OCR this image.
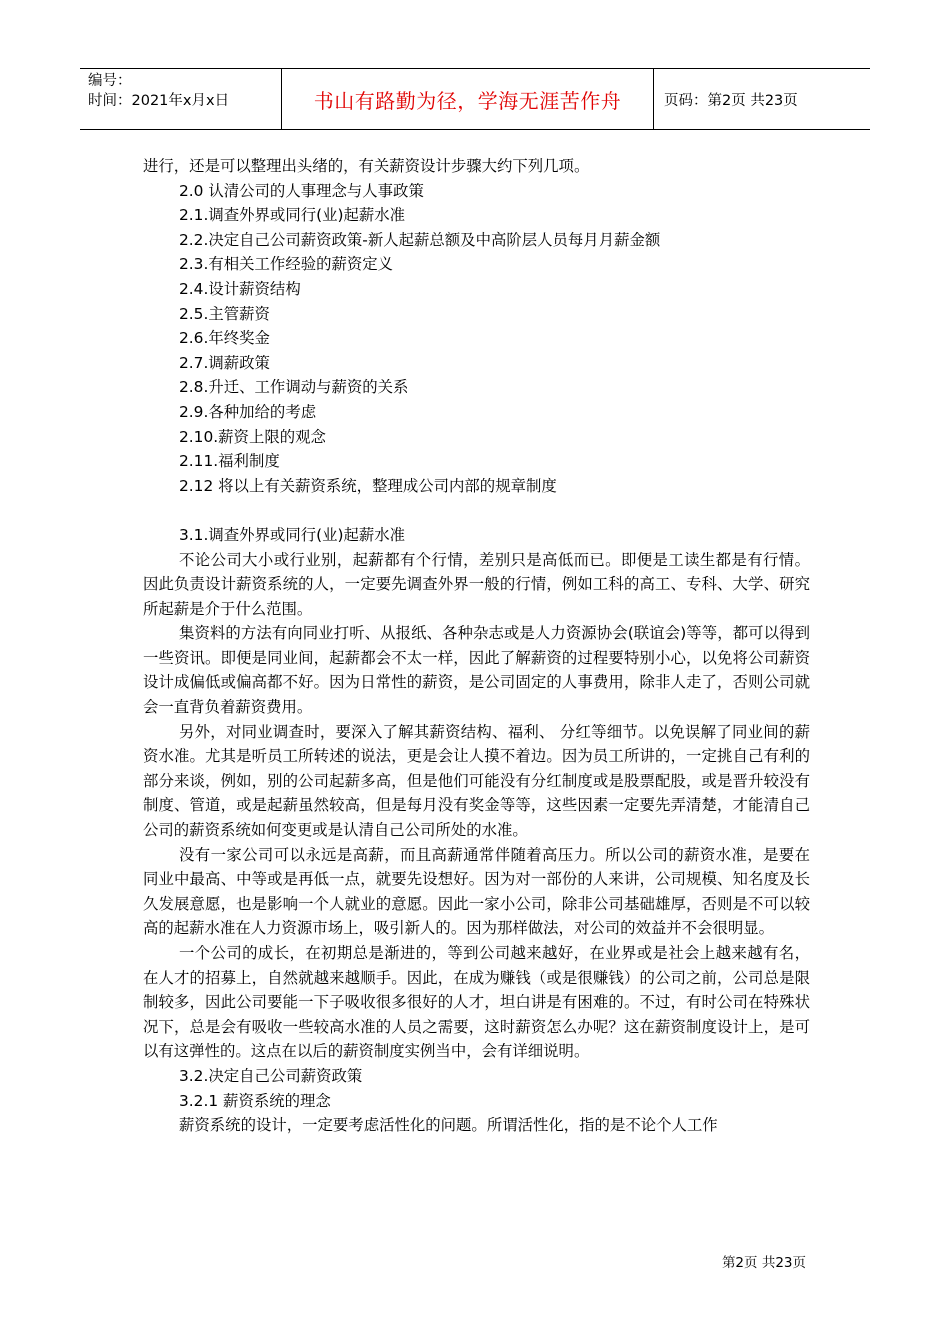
编号：
时间：2021年x月x日	书山有路勤为径，学海无涯苦作舟	页码：第2页 共23页

进行，还是可以整理出头绪的，有关薪资设计步骤大约下列几项。

2.0 认清公司的人事理念与人事政策

2.1.调查外界或同行(业)起薪水准

2.2.决定自己公司薪资政策-新人起薪总额及中高阶层人员每月月薪金额

2.3.有相关工作经验的薪资定义

2.4.设计薪资结构

2.5.主管薪资

2.6.年终奖金

2.7.调薪政策

2.8.升迁、工作调动与薪资的关系

2.9.各种加给的考虑

2.10.薪资上限的观念

2.11.福利制度

2.12 将以上有关薪资系统，整理成公司内部的规章制度

3.1.调查外界或同行(业)起薪水准

不论公司大小或行业别，起薪都有个行情，差别只是高低而已。即便是工读生都是有行情。因此负责设计薪资系统的人，一定要先调查外界一般的行情，例如工科的高工、专科、大学、研究所起薪是介于什么范围。

集资料的方法有向同业打听、从报纸、各种杂志或是人力资源协会(联谊会)等等，都可以得到一些资讯。即便是同业间，起薪都会不太一样，因此了解薪资的过程要特别小心，以免将公司薪资设计成偏低或偏高都不好。因为日常性的薪资，是公司固定的人事费用，除非人走了，否则公司就会一直背负着薪资费用。

另外，对同业调查时，要深入了解其薪资结构、福利、 分红等细节。以免误解了同业间的薪资水准。尤其是听员工所转述的说法，更是会让人摸不着边。因为员工所讲的，一定挑自己有利的部分来谈，例如，别的公司起薪多高，但是他们可能没有分红制度或是股票配股，或是晋升较没有制度、管道，或是起薪虽然较高，但是每月没有奖金等等，这些因素一定要先弄清楚，才能清自己公司的薪资系统如何变更或是认清自己公司所处的水准。

没有一家公司可以永远是高薪，而且高薪通常伴随着高压力。所以公司的薪资水准，是要在同业中最高、中等或是再低一点，就要先设想好。因为对一部份的人来讲，公司规模、知名度及长久发展意愿，也是影响一个人就业的意愿。因此一家小公司，除非公司基础雄厚，否则是不可以较高的起薪水准在人力资源市场上，吸引新人的。因为那样做法，对公司的效益并不会很明显。

一个公司的成长，在初期总是渐进的，等到公司越来越好，在业界或是社会上越来越有名，在人才的招募上，自然就越来越顺手。因此，在成为赚钱（或是很赚钱）的公司之前，公司总是限制较多，因此公司要能一下子吸收很多很好的人才，坦白讲是有困难的。不过，有时公司在特殊状况下，总是会有吸收一些较高水准的人员之需要，这时薪资怎么办呢？这在薪资制度设计上，是可以有这弹性的。这点在以后的薪资制度实例当中，会有详细说明。

3.2.决定自己公司薪资政策

3.2.1 薪资系统的理念

薪资系统的设计，一定要考虑活性化的问题。所谓活性化，指的是不论个人工作

第2页 共23页
